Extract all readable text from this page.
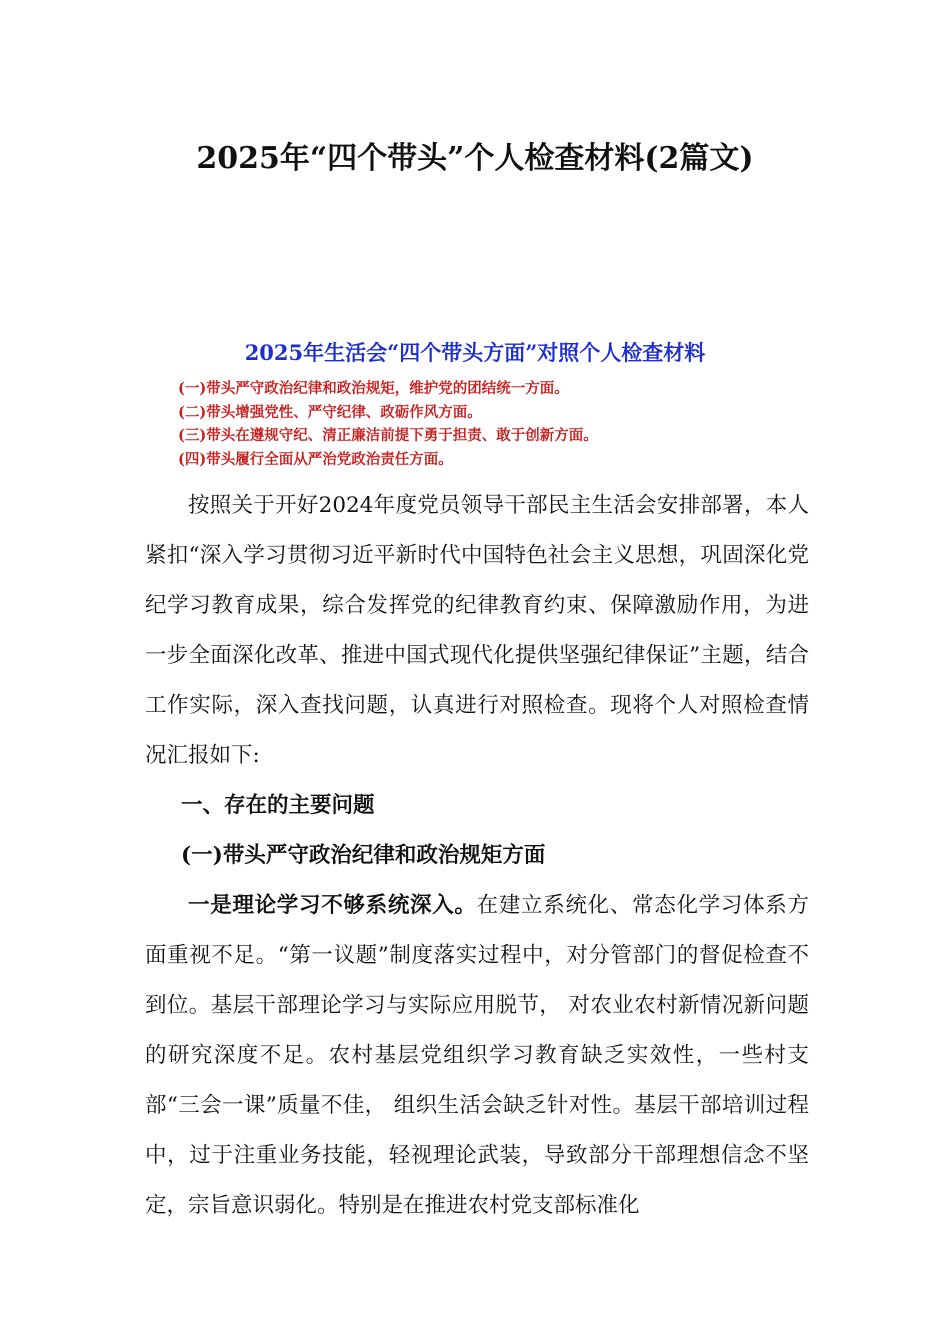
2025年“四个带头”个人检查材料(2篇文)
2025年生活会“四个带头方面”对照个人检查材料
(一)带头严守政治纪律和政治规矩，维护党的团结统一方面。
(二)带头增强党性、严守纪律、政砺作风方面。
(三)带头在遵规守纪、清正廉洁前提下勇于担责、敢于创新方面。
(四)带头履行全面从严治党政治责任方面。

按照关于开好2024年度党员领导干部民主生活会安排部署，本人紧扣“深入学习贯彻习近平新时代中国特色社会主义思想，巩固深化党纪学习教育成果，综合发挥党的纪律教育约束、保障激励作用，为进一步全面深化改革、推进中国式现代化提供坚强纪律保证”主题，结合工作实际，深入查找问题，认真进行对照检查。现将个人对照检查情况汇报如下:

一、存在的主要问题

(一)带头严守政治纪律和政治规矩方面

一是理论学习不够系统深入。在建立系统化、常态化学习体系方面重视不足。“第一议题”制度落实过程中，对分管部门的督促检查不到位。基层干部理论学习与实际应用脱节， 对农业农村新情况新问题的研究深度不足。农村基层党组织学习教育缺乏实效性，一些村支部“三会一课”质量不佳， 组织生活会缺乏针对性。基层干部培训过程中，过于注重业务技能，轻视理论武装，导致部分干部理想信念不坚定，宗旨意识弱化。特别是在推进农村党支部标准化
